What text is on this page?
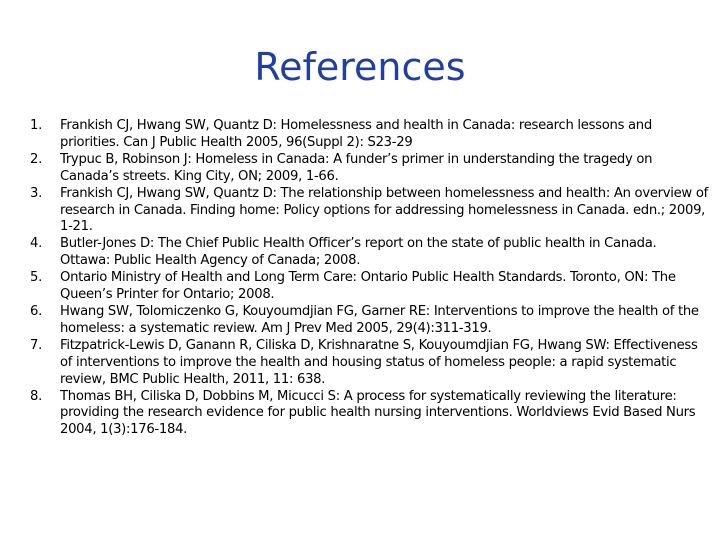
References
1.	Frankish CJ, Hwang SW, Quantz D: Homelessness and health in Canada: research lessons and priorities. Can J Public Health 2005, 96(Suppl 2): S23-29
2.	Trypuc B, Robinson J: Homeless in Canada: A funder’s primer in understanding the tragedy on Canada’s streets. King City, ON; 2009, 1-66.
3.	Frankish CJ, Hwang SW, Quantz D: The relationship between homelessness and health: An overview of research in Canada. Finding home: Policy options for addressing homelessness in Canada. edn.; 2009, 1-21.
4.	Butler-Jones D: The Chief Public Health Officer’s report on the state of public health in Canada. Ottawa: Public Health Agency of Canada; 2008.
5.	Ontario Ministry of Health and Long Term Care: Ontario Public Health Standards. Toronto, ON: The Queen’s Printer for Ontario; 2008.
6.	Hwang SW, Tolomiczenko G, Kouyoumdjian FG, Garner RE: Interventions to improve the health of the homeless: a systematic review. Am J Prev Med 2005, 29(4):311-319.
7.	Fitzpatrick-Lewis D, Ganann R, Ciliska D, Krishnaratne S, Kouyoumdjian FG, Hwang SW: Effectiveness of interventions to improve the health and housing status of homeless people: a rapid systematic review, BMC Public Health, 2011, 11: 638.
8.	Thomas BH, Ciliska D, Dobbins M, Micucci S: A process for systematically reviewing the literature: providing the research evidence for public health nursing interventions. Worldviews Evid Based Nurs 2004, 1(3):176-184.
